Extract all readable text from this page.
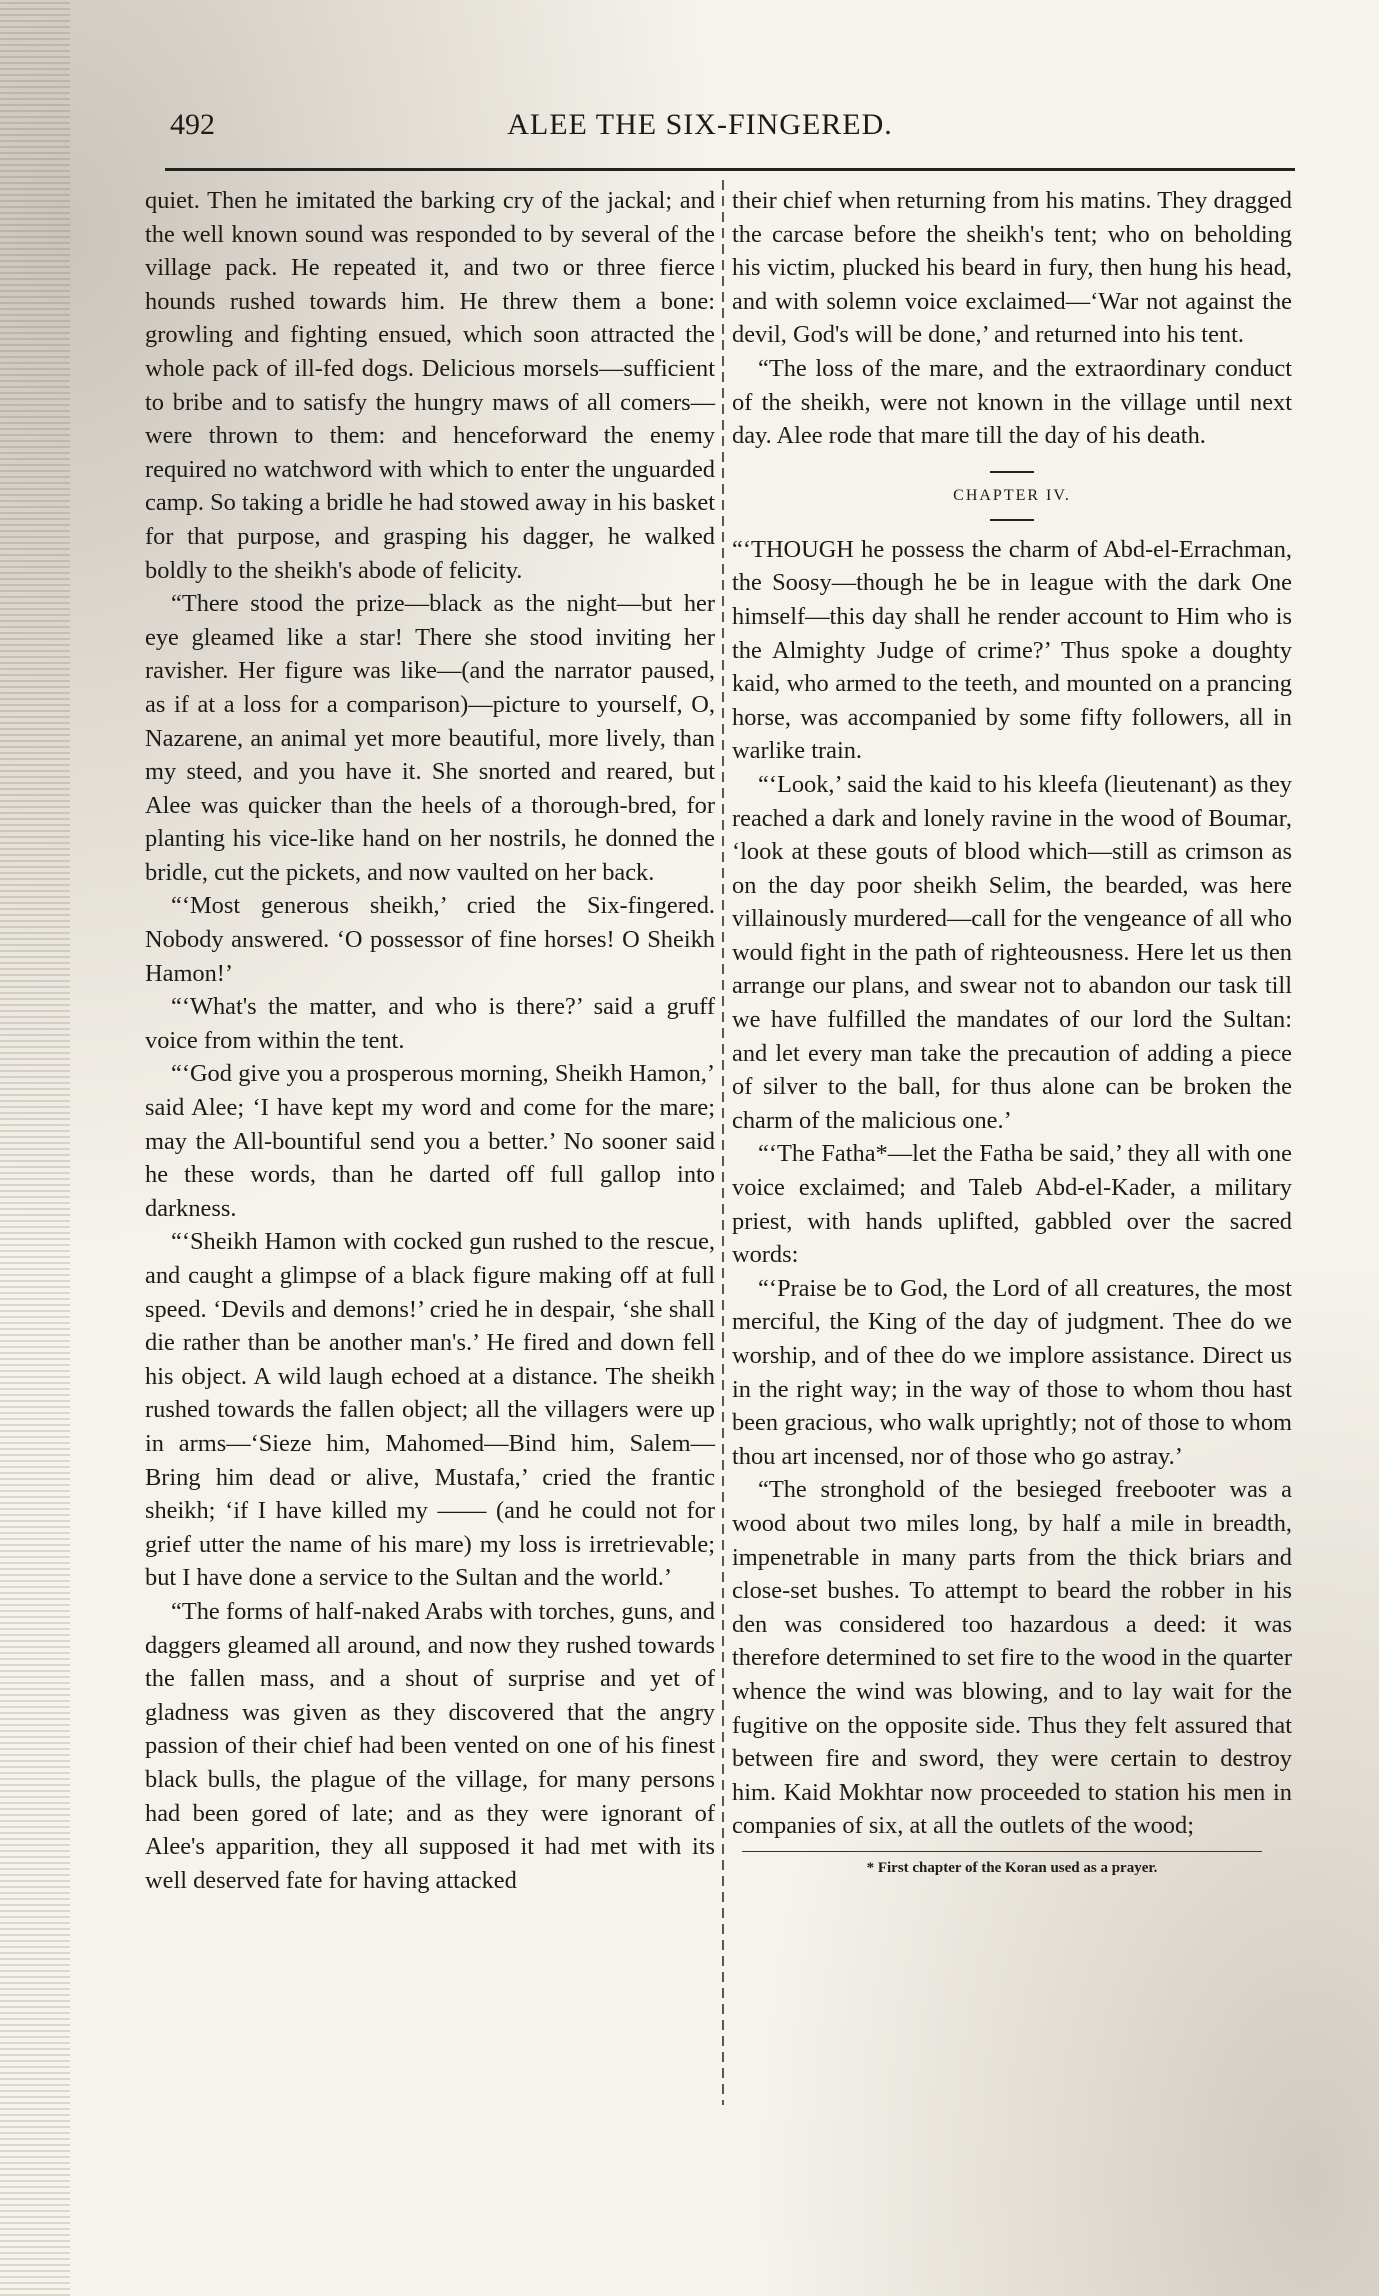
492	ALEE THE SIX-FINGERED.

quiet. Then he imitated the barking cry of the jackal; and the well known sound was responded to by several of the village pack. He repeated it, and two or three fierce hounds rushed towards him. He threw them a bone: growling and fighting ensued, which soon attracted the whole pack of ill-fed dogs. Delicious morsels—sufficient to bribe and to satisfy the hungry maws of all comers—were thrown to them: and henceforward the enemy required no watchword with which to enter the unguarded camp. So taking a bridle he had stowed away in his basket for that purpose, and grasping his dagger, he walked boldly to the sheikh's abode of felicity.

“There stood the prize—black as the night—but her eye gleamed like a star! There she stood inviting her ravisher. Her figure was like—(and the narrator paused, as if at a loss for a comparison)—picture to yourself, O, Nazarene, an animal yet more beautiful, more lively, than my steed, and you have it. She snorted and reared, but Alee was quicker than the heels of a thorough-bred, for planting his vice-like hand on her nostrils, he donned the bridle, cut the pickets, and now vaulted on her back.

“‘Most generous sheikh,’ cried the Six-fingered. Nobody answered. ‘O possessor of fine horses! O Sheikh Hamon!’

“‘What's the matter, and who is there?’ said a gruff voice from within the tent.

“‘God give you a prosperous morning, Sheikh Hamon,’ said Alee; ‘I have kept my word and come for the mare; may the All-bountiful send you a better.’ No sooner said he these words, than he darted off full gallop into darkness.

“‘Sheikh Hamon with cocked gun rushed to the rescue, and caught a glimpse of a black figure making off at full speed. ‘Devils and demons!’ cried he in despair, ‘she shall die rather than be another man's.’ He fired and down fell his object. A wild laugh echoed at a distance. The sheikh rushed towards the fallen object; all the villagers were up in arms—‘Sieze him, Mahomed—Bind him, Salem—Bring him dead or alive, Mustafa,’ cried the frantic sheikh; ‘if I have killed my —— (and he could not for grief utter the name of his mare) my loss is irretrievable; but I have done a service to the Sultan and the world.’

“The forms of half-naked Arabs with torches, guns, and daggers gleamed all around, and now they rushed towards the fallen mass, and a shout of surprise and yet of gladness was given as they discovered that the angry passion of their chief had been vented on one of his finest black bulls, the plague of the village, for many persons had been gored of late; and as they were ignorant of Alee's apparition, they all supposed it had met with its well deserved fate for having attacked

their chief when returning from his matins. They dragged the carcase before the sheikh's tent; who on beholding his victim, plucked his beard in fury, then hung his head, and with solemn voice exclaimed—‘War not against the devil, God's will be done,’ and returned into his tent.

“The loss of the mare, and the extraordinary conduct of the sheikh, were not known in the village until next day. Alee rode that mare till the day of his death.

CHAPTER IV.

“‘THOUGH he possess the charm of Abd-el-Errachman, the Soosy—though he be in league with the dark One himself—this day shall he render account to Him who is the Almighty Judge of crime?’ Thus spoke a doughty kaid, who armed to the teeth, and mounted on a prancing horse, was accompanied by some fifty followers, all in warlike train.

“‘Look,’ said the kaid to his kleefa (lieutenant) as they reached a dark and lonely ravine in the wood of Boumar, ‘look at these gouts of blood which—still as crimson as on the day poor sheikh Selim, the bearded, was here villainously murdered—call for the vengeance of all who would fight in the path of righteousness. Here let us then arrange our plans, and swear not to abandon our task till we have fulfilled the mandates of our lord the Sultan: and let every man take the precaution of adding a piece of silver to the ball, for thus alone can be broken the charm of the malicious one.’

“‘The Fatha*—let the Fatha be said,’ they all with one voice exclaimed; and Taleb Abd-el-Kader, a military priest, with hands uplifted, gabbled over the sacred words:

“‘Praise be to God, the Lord of all creatures, the most merciful, the King of the day of judgment. Thee do we worship, and of thee do we implore assistance. Direct us in the right way; in the way of those to whom thou hast been gracious, who walk uprightly; not of those to whom thou art incensed, nor of those who go astray.’

“The stronghold of the besieged freebooter was a wood about two miles long, by half a mile in breadth, impenetrable in many parts from the thick briars and close-set bushes. To attempt to beard the robber in his den was considered too hazardous a deed: it was therefore determined to set fire to the wood in the quarter whence the wind was blowing, and to lay wait for the fugitive on the opposite side. Thus they felt assured that between fire and sword, they were certain to destroy him. Kaid Mokhtar now proceeded to station his men in companies of six, at all the outlets of the wood;

* First chapter of the Koran used as a prayer.
